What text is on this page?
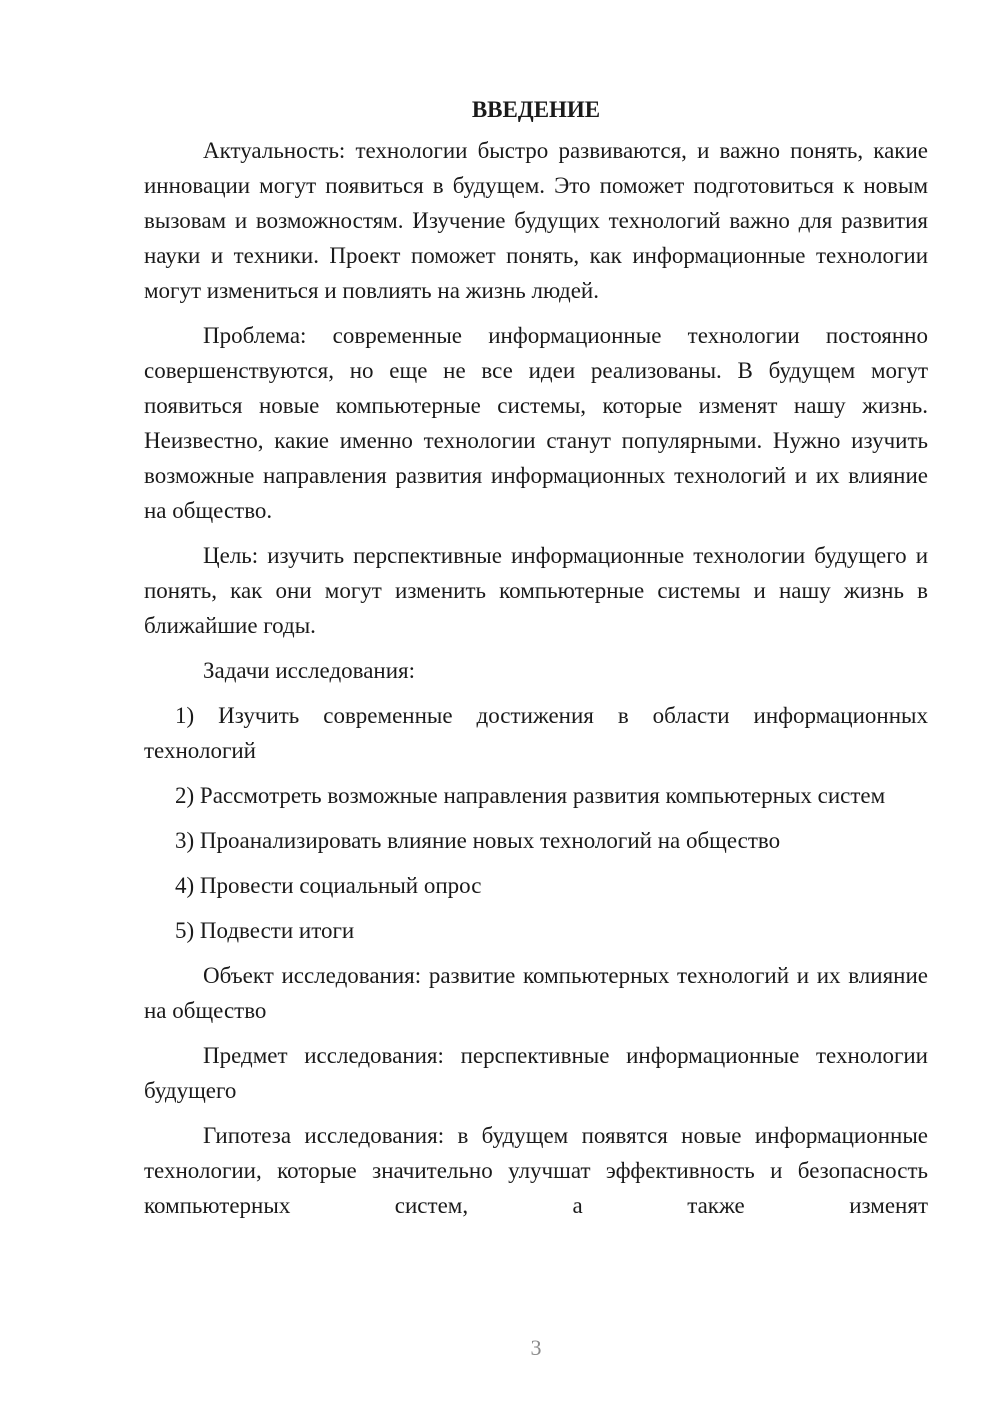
ВВЕДЕНИЕ

Актуальность: технологии быстро развиваются, и важно понять, какие инновации могут появиться в будущем. Это поможет подготовиться к новым вызовам и возможностям. Изучение будущих технологий важно для развития науки и техники. Проект поможет понять, как информационные технологии могут измениться и повлиять на жизнь людей.

Проблема: современные информационные технологии постоянно совершенствуются, но еще не все идеи реализованы. В будущем могут появиться новые компьютерные системы, которые изменят нашу жизнь. Неизвестно, какие именно технологии станут популярными. Нужно изучить возможные направления развития информационных технологий и их влияние на общество.

Цель: изучить перспективные информационные технологии будущего и понять, как они могут изменить компьютерные системы и нашу жизнь в ближайшие годы.

Задачи исследования:

1) Изучить современные достижения в области информационных технологий

2) Рассмотреть возможные направления развития компьютерных систем

3) Проанализировать влияние новых технологий на общество

4) Провести социальный опрос

5) Подвести итоги

Объект исследования: развитие компьютерных технологий и их влияние на общество

Предмет исследования: перспективные информационные технологии будущего

Гипотеза исследования: в будущем появятся новые информационные технологии, которые значительно улучшат эффективность и безопасность компьютерных систем, а также изменят

3
